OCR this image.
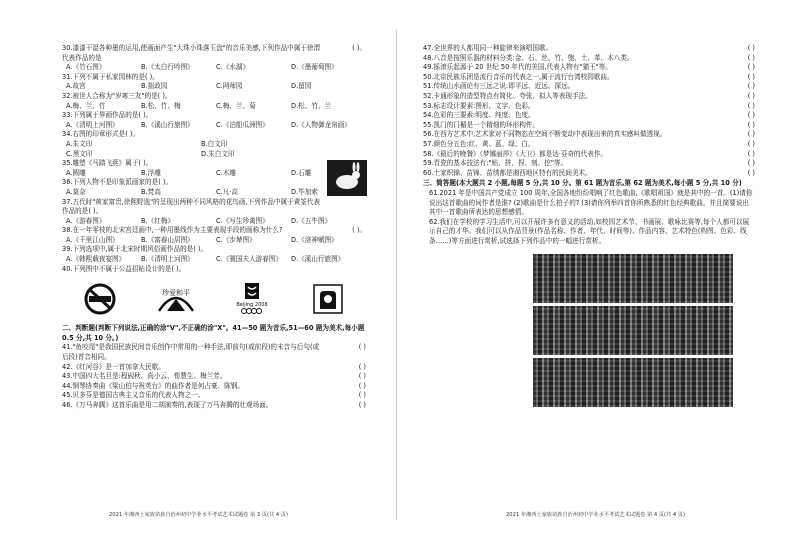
30.漆漆干湿各种墨的运用,使画面产生"大珠小珠落玉盘"的音乐美感,下列作品中属于徐渭代表作品的是
( )。
A.《竹石图》	B.《太白行吟图》	C.《水湖》	D.《墨葡萄图》
31.下列不属于私家园林的是( )。
A.故宫	B.拙政园	C.网师园	D.留园
32.被世人合称为"岁寒三友"的是( )。
A.梅、兰、竹	B.松、竹、梅	C.梅、兰、菊	D.松、竹、兰
33.下列属于界画作品的是( )。
A.《清明上河图》	B.《溪山行旅图》	C.《泊船瓜洲图》	D.《人物御龙帛画》
34.右图的印章形式是( )。
A.朱文印	B.白文印
C.黑文印	D.朱白文印
35.雕塑《马踏飞燕》属于( )。
A.圆雕	B.浮雕	C.木雕	D.石雕
36.下列人物不是印象派画家的是( )。
A.莫奈	B.梵高	C.凡·高	D.毕加索
37.五代时"黄家富贵,徐熙野逸"的呈现出两种不同风格的花鸟画,下列作品中属于黄筌代表作品的是( )。
A.《游春图》	B.《红梅》	C.《写生珍禽图》	D.《五牛图》
38.在一年零枝的北宋宫廷画中,一种用墨线作为主要表现手段的画称为什么?	( )。
A.《千里江山图》	B.《富春山居图》	C.《步辇图》	D.《洛神赋图》
39.下列选项中,属于北宋时期风俗画作品的是( )。
A.《韩熙载夜宴图》	B.《清明上河图》	C.《虢国夫人游春图》	D.《溪山行旅图》
40.下列图中不属于公益招贴设计的是( )。
珍爱和平
Beijing 2008
二、判断题(判断下列说法,正确的涂"V",不正确的涂"X"。41—50 题为音乐,51—60 题为美术,每小题 0.5 分,共 10 分。)
41."鱼咬尾"是我国民族民间音乐创作中常用的一种手法,即前句(或前段)的末音与后句(或后段)首音相同。
( )
42.《红河谷》是一首加拿大民歌。	( )
43.中国四大名旦是:程砚秋、尚小云、荀慧生、梅兰芳。	( )
44.钢琴协奏曲《梁山伯与祝英台》的曲作者是何占豪、陈钢。	( )
45.贝多芬是德国古典主义音乐的代表人物之一。	( )
46.《万马奔腾》这首乐曲是用二胡演奏的,表现了万马奔腾的壮观场面。	( )
2021 年湘西土家族苗族自治州初中学业水平考试艺术试题卷 第 3 页(共 4 页)
47.全世界的人都用同一种旋律来演唱国歌。	( )
48.八音是按照乐器的材料分类:金、石、丝、竹、匏、土、革、木八类。	( )
49.摇滚乐起源于 20 世纪 50 年代的美国,代表人物有"猫王"等。	( )
50.北京民族乐团是流行音乐的代表之一,属于流行台湾校园歌曲。	( )
51.传统山水画论有三远之说:即平远、近远、深远。	( )
52.卡通形象的造型特点有简化、夸张、拟人等表现手法。	( )
53.标志设计要素:图形、文字、色彩。	( )
54.色彩的三要素:明度、纯度、色度。	( )
55.凯门的门楣是一个精细的环形构件。	( )
56.在西方艺术中,艺术家对不同物态在空间不断变动中表现出来的真实感叫做透视。	( )
57.颜色分五色:红、黄、蓝、绿、白。	( )
58.《最后的晚餐》《梦娜丽莎》《大卫》都是达·芬奇的代表作。	( )
59.青瓷的基本技法有:"贴、拼、捏、刻、挖"等。	( )
60.土家织锦、苗锦、苗绣都是湘西地区特有的民间美术。	( )
三、简答题(本大题共 2 小题,每题 5 分,共 10 分。第 61 题为音乐,第 62 题为美术,每小题 5 分,共 10 分)
61.2021 年是中国共产党成立 100 周年,全国各地纷纷唱响了红色歌曲,《歌唱祖国》就是其中的一首。(1)请你说出这首歌曲的词作者是谁? (2)歌曲是什么拍子的? (3)请你列举四首你所熟悉的红色经典歌曲。并且简要说出其中一首歌曲所表达的思想感情。
62.我们在学校的学习生活中,可以开展许多有意义的活动,如校园艺术节、书画展、歌咏比赛等,每个人都可以展示自己的才华。我们可以从作品背景(作品名称、作者、年代、时间等)、作品内容、艺术特色(构图、色彩、线条……)等方面进行赏析,试选择下列作品中的一幅进行赏析。
2021 年湘西土家族苗族自治州初中学业水平考试艺术试题卷 第 4 页(共 4 页)
